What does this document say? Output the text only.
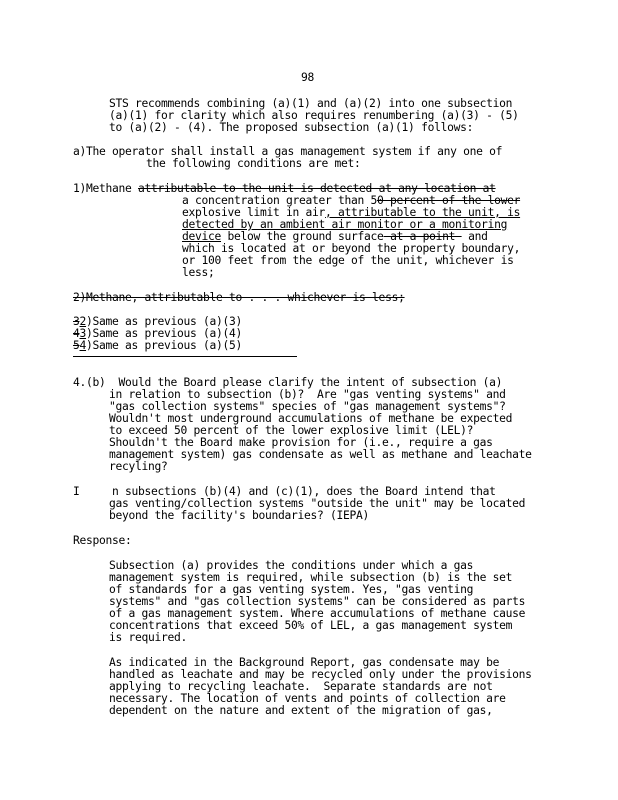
98
STS recommends combining (a)(1) and (a)(2) into one subsection
(a)(1) for clarity which also requires renumbering (a)(3) - (5)
to (a)(2) - (4). The proposed subsection (a)(1) follows:
a)The operator shall install a gas management system if any one of
the following conditions are met:
1)Methane attributable to the unit is detected at any location at
a concentration greater than 50 percent of the lower
explosive limit in air, attributable to the unit, is
detected by an ambient air monitor or a monitoring
device below the ground surface at a point  and
which is located at or beyond the property boundary,
or 100 feet from the edge of the unit, whichever is
less;
2)Methane, attributable to . . . whichever is less;
32)Same as previous (a)(3)
43)Same as previous (a)(4)
54)Same as previous (a)(5)
4.(b)  Would the Board please clarify the intent of subsection (a)
in relation to subsection (b)?  Are "gas venting systems" and
"gas collection systems" species of "gas management systems"?
Wouldn't most underground accumulations of methane be expected
to exceed 50 percent of the lower explosive limit (LEL)?
Shouldn't the Board make provision for (i.e., require a gas
management system) gas condensate as well as methane and leachate
recyling?
I     n subsections (b)(4) and (c)(1), does the Board intend that
gas venting/collection systems "outside the unit" may be located
beyond the facility's boundaries? (IEPA)
Response:
Subsection (a) provides the conditions under which a gas
management system is required, while subsection (b) is the set
of standards for a gas venting system. Yes, "gas venting
systems" and "gas collection systems" can be considered as parts
of a gas management system. Where accumulations of methane cause
concentrations that exceed 50% of LEL, a gas management system
is required.
As indicated in the Background Report, gas condensate may be
handled as leachate and may be recycled only under the provisions
applying to recycling leachate.  Separate standards are not
necessary. The location of vents and points of collection are
dependent on the nature and extent of the migration of gas,
